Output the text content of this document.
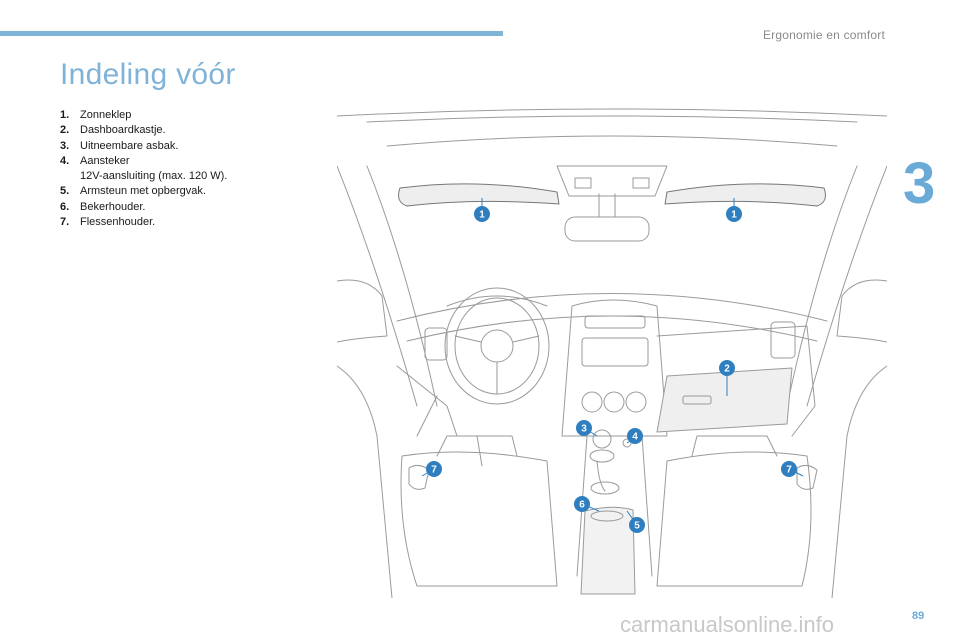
Ergonomie en comfort
3
Indeling vóór
1. Zonneklep
2. Dashboardkastje.
3. Uitneembare asbak.
4. Aansteker
12V-aansluiting (max. 120 W).
5. Armsteun met opbergvak.
6. Bekerhouder.
7. Flessenhouder.
1	1
2
3
4
5
6
7	7
89
carmanualsonline.info
